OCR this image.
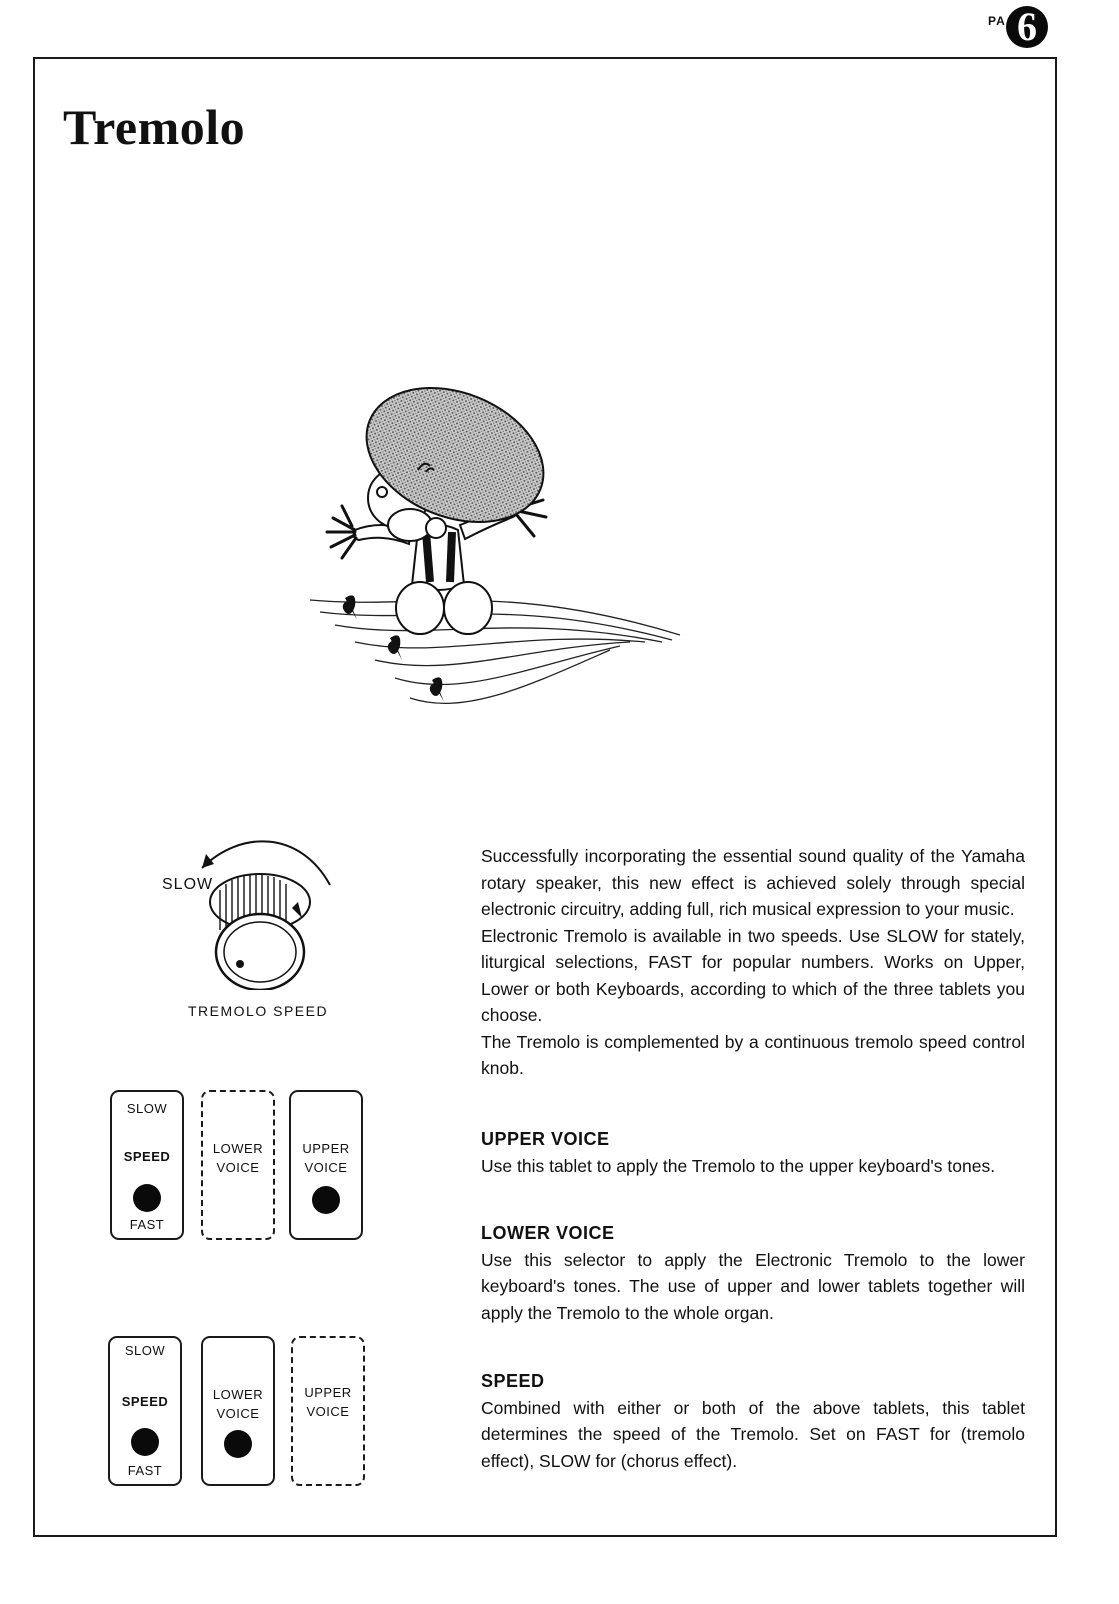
PA 6
Tremolo
SLOW
TREMOLO SPEED
SLOW
SPEED
FAST
LOWER
VOICE
UPPER
VOICE
SLOW
SPEED
FAST
LOWER
VOICE
UPPER
VOICE

Successfully incorporating the essential sound quality of the Yamaha rotary speaker, this new effect is achieved solely through special electronic circuitry, adding full, rich musical expression to your music.

Electronic Tremolo is available in two speeds. Use SLOW for stately, liturgical selections, FAST for popular numbers. Works on Upper, Lower or both Keyboards, according to which of the three tablets you choose.

The Tremolo is complemented by a continuous tremolo speed control knob.

UPPER VOICE

Use this tablet to apply the Tremolo to the upper keyboard's tones.

LOWER VOICE

Use this selector to apply the Electronic Tremolo to the lower keyboard's tones. The use of upper and lower tablets together will apply the Tremolo to the whole organ.

SPEED

Combined with either or both of the above tablets, this tablet determines the speed of the Tremolo. Set on FAST for (tremolo effect), SLOW for (chorus effect).
